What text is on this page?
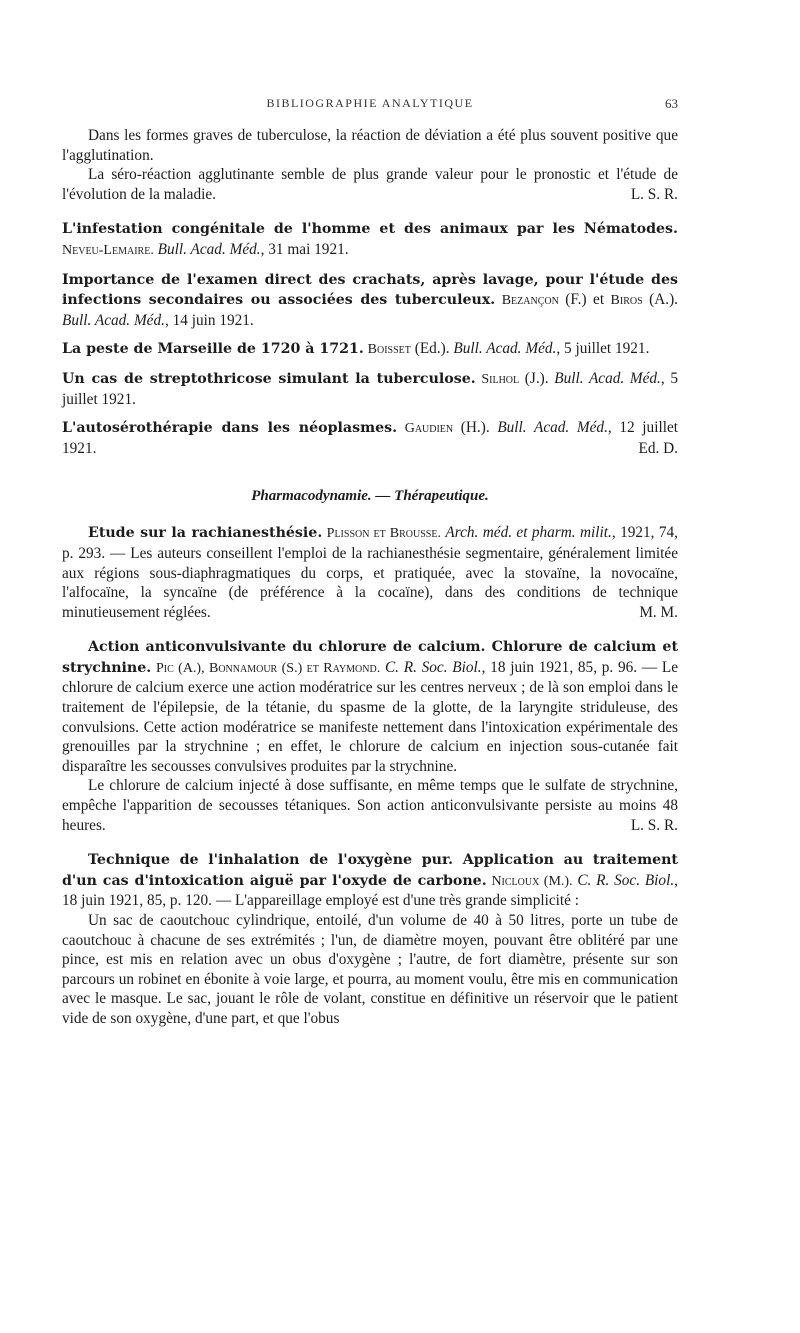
BIBLIOGRAPHIE ANALYTIQUE	63

Dans les formes graves de tuberculose, la réaction de déviation a été plus souvent positive que l'agglutination.

La séro-réaction agglutinante semble de plus grande valeur pour le pronostic et l'étude de l'évolution de la maladie.	L. S. R.

L'infestation congénitale de l'homme et des animaux par les Nématodes. Neveu-Lemaire. Bull. Acad. Méd., 31 mai 1921.

Importance de l'examen direct des crachats, après lavage, pour l'étude des infections secondaires ou associées des tuberculeux. Bezançon (F.) et Biros (A.). Bull. Acad. Méd., 14 juin 1921.

La peste de Marseille de 1720 à 1721. Boisset (Ed.). Bull. Acad. Méd., 5 juillet 1921.

Un cas de streptothricose simulant la tuberculose. Silhol (J.). Bull. Acad. Méd., 5 juillet 1921.

L'autosérothérapie dans les néoplasmes. Gaudien (H.). Bull. Acad. Méd., 12 juillet 1921.	Ed. D.

Pharmacodynamie. — Thérapeutique.

Etude sur la rachianesthésie. Plisson et Brousse. Arch. méd. et pharm. milit., 1921, 74, p. 293. — Les auteurs conseillent l'emploi de la rachianesthésie segmentaire, généralement limitée aux régions sous-diaphragmatiques du corps, et pratiquée, avec la stovaïne, la novocaïne, l'alfocaïne, la syncaïne (de préférence à la cocaïne), dans des conditions de technique minutieusement réglées.	M. M.

Action anticonvulsivante du chlorure de calcium. Chlorure de calcium et strychnine. Pic (A.), Bonnamour (S.) et Raymond. C. R. Soc. Biol., 18 juin 1921, 85, p. 96. — Le chlorure de calcium exerce une action modératrice sur les centres nerveux ; de là son emploi dans le traitement de l'épilepsie, de la tétanie, du spasme de la glotte, de la laryngite striduleuse, des convulsions. Cette action modératrice se manifeste nettement dans l'intoxication expérimentale des grenouilles par la strychnine ; en effet, le chlorure de calcium en injection sous-cutanée fait disparaître les secousses convulsives produites par la strychnine.

Le chlorure de calcium injecté à dose suffisante, en même temps que le sulfate de strychnine, empêche l'apparition de secousses tétaniques. Son action anticonvulsivante persiste au moins 48 heures.	L. S. R.

Technique de l'inhalation de l'oxygène pur. Application au traitement d'un cas d'intoxication aiguë par l'oxyde de carbone. Nicloux (M.). C. R. Soc. Biol., 18 juin 1921, 85, p. 120. — L'appareillage employé est d'une très grande simplicité :

Un sac de caoutchouc cylindrique, entoilé, d'un volume de 40 à 50 litres, porte un tube de caoutchouc à chacune de ses extrémités ; l'un, de diamètre moyen, pouvant être oblitéré par une pince, est mis en relation avec un obus d'oxygène ; l'autre, de fort diamètre, présente sur son parcours un robinet en ébonite à voie large, et pourra, au moment voulu, être mis en communication avec le masque. Le sac, jouant le rôle de volant, constitue en définitive un réservoir que le patient vide de son oxygène, d'une part, et que l'obus
